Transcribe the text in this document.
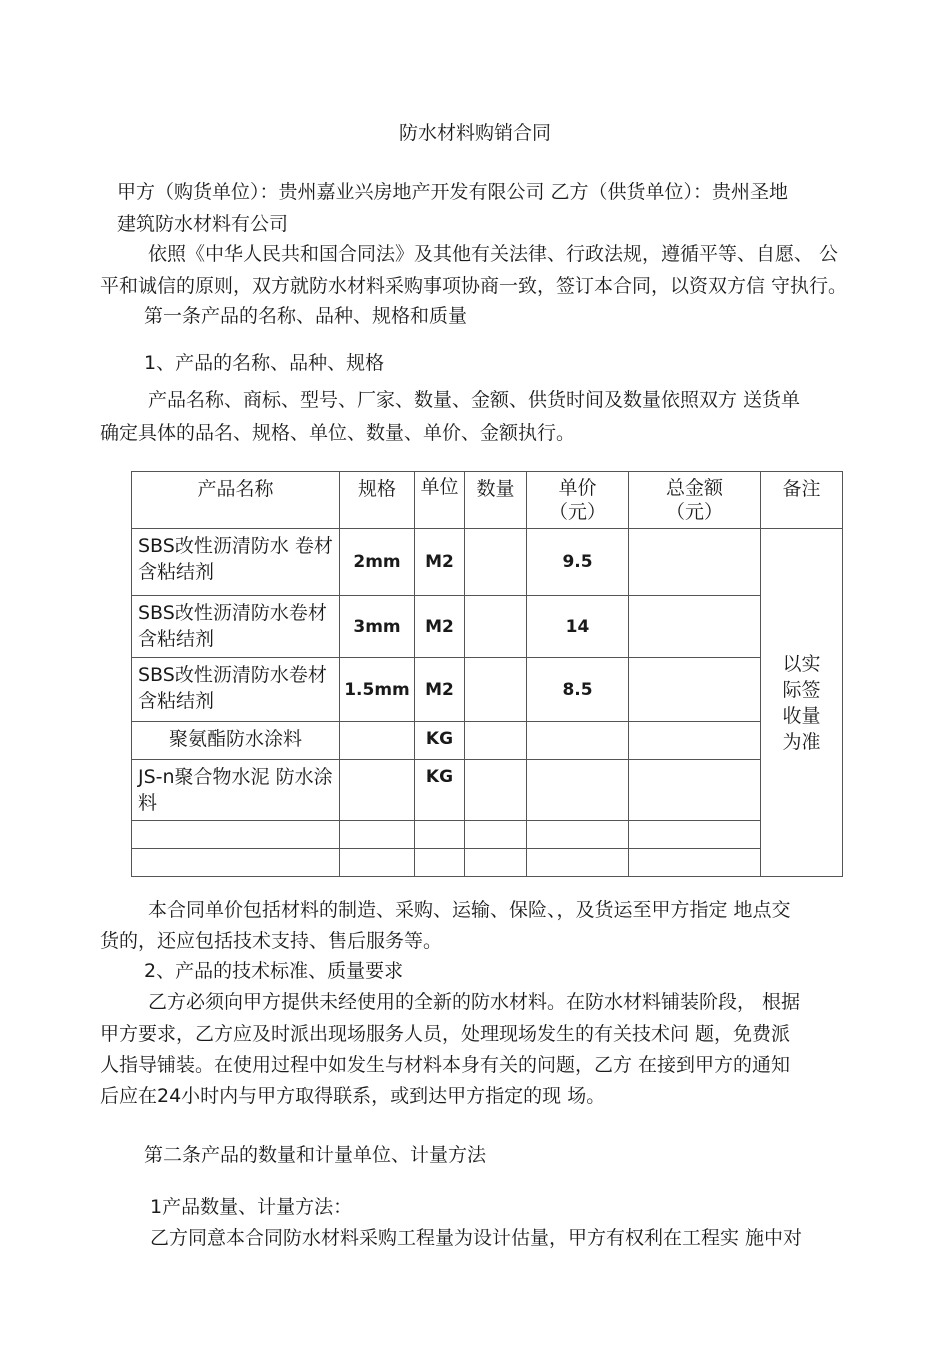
防水材料购销合同
甲方（购货单位）：贵州嘉业兴房地产开发有限公司 乙方（供货单位）：贵州圣地
建筑防水材料有公司
依照《中华人民共和国合同法》及其他有关法律、行政法规，遵循平等、自愿、 公
平和诚信的原则，双方就防水材料采购事项协商一致，签订本合同，以资双方信 守执行。
第一条产品的名称、品种、规格和质量
1、产品的名称、品种、规格
产品名称、商标、型号、厂家、数量、金额、供货时间及数量依照双方 送货单
确定具体的品名、规格、单位、数量、单价、金额执行。
产品名称	规格	单位	数量	单价（元）	总金额（元）	备注
SBS改性沥清防水 卷材含粘结剂	2mm	M2		9.5		以实际签收量为准
SBS改性沥清防水卷材含粘结剂	3mm	M2		14		
SBS改性沥清防水卷材含粘结剂	1.5mm	M2		8.5		
聚氨酯防水涂料		KG				
JS-n聚合物水泥 防水涂料		KG				

本合同单价包括材料的制造、采购、运输、保险、，及货运至甲方指定 地点交
货的，还应包括技术支持、售后服务等。
2、产品的技术标准、质量要求
乙方必须向甲方提供未经使用的全新的防水材料。在防水材料铺装阶段， 根据
甲方要求，乙方应及时派出现场服务人员，处理现场发生的有关技术问 题，免费派
人指导铺装。在使用过程中如发生与材料本身有关的问题，乙方 在接到甲方的通知
后应在24小时内与甲方取得联系，或到达甲方指定的现 场。
第二条产品的数量和计量单位、计量方法
1产品数量、计量方法：
乙方同意本合同防水材料采购工程量为设计估量，甲方有权利在工程实 施中对
